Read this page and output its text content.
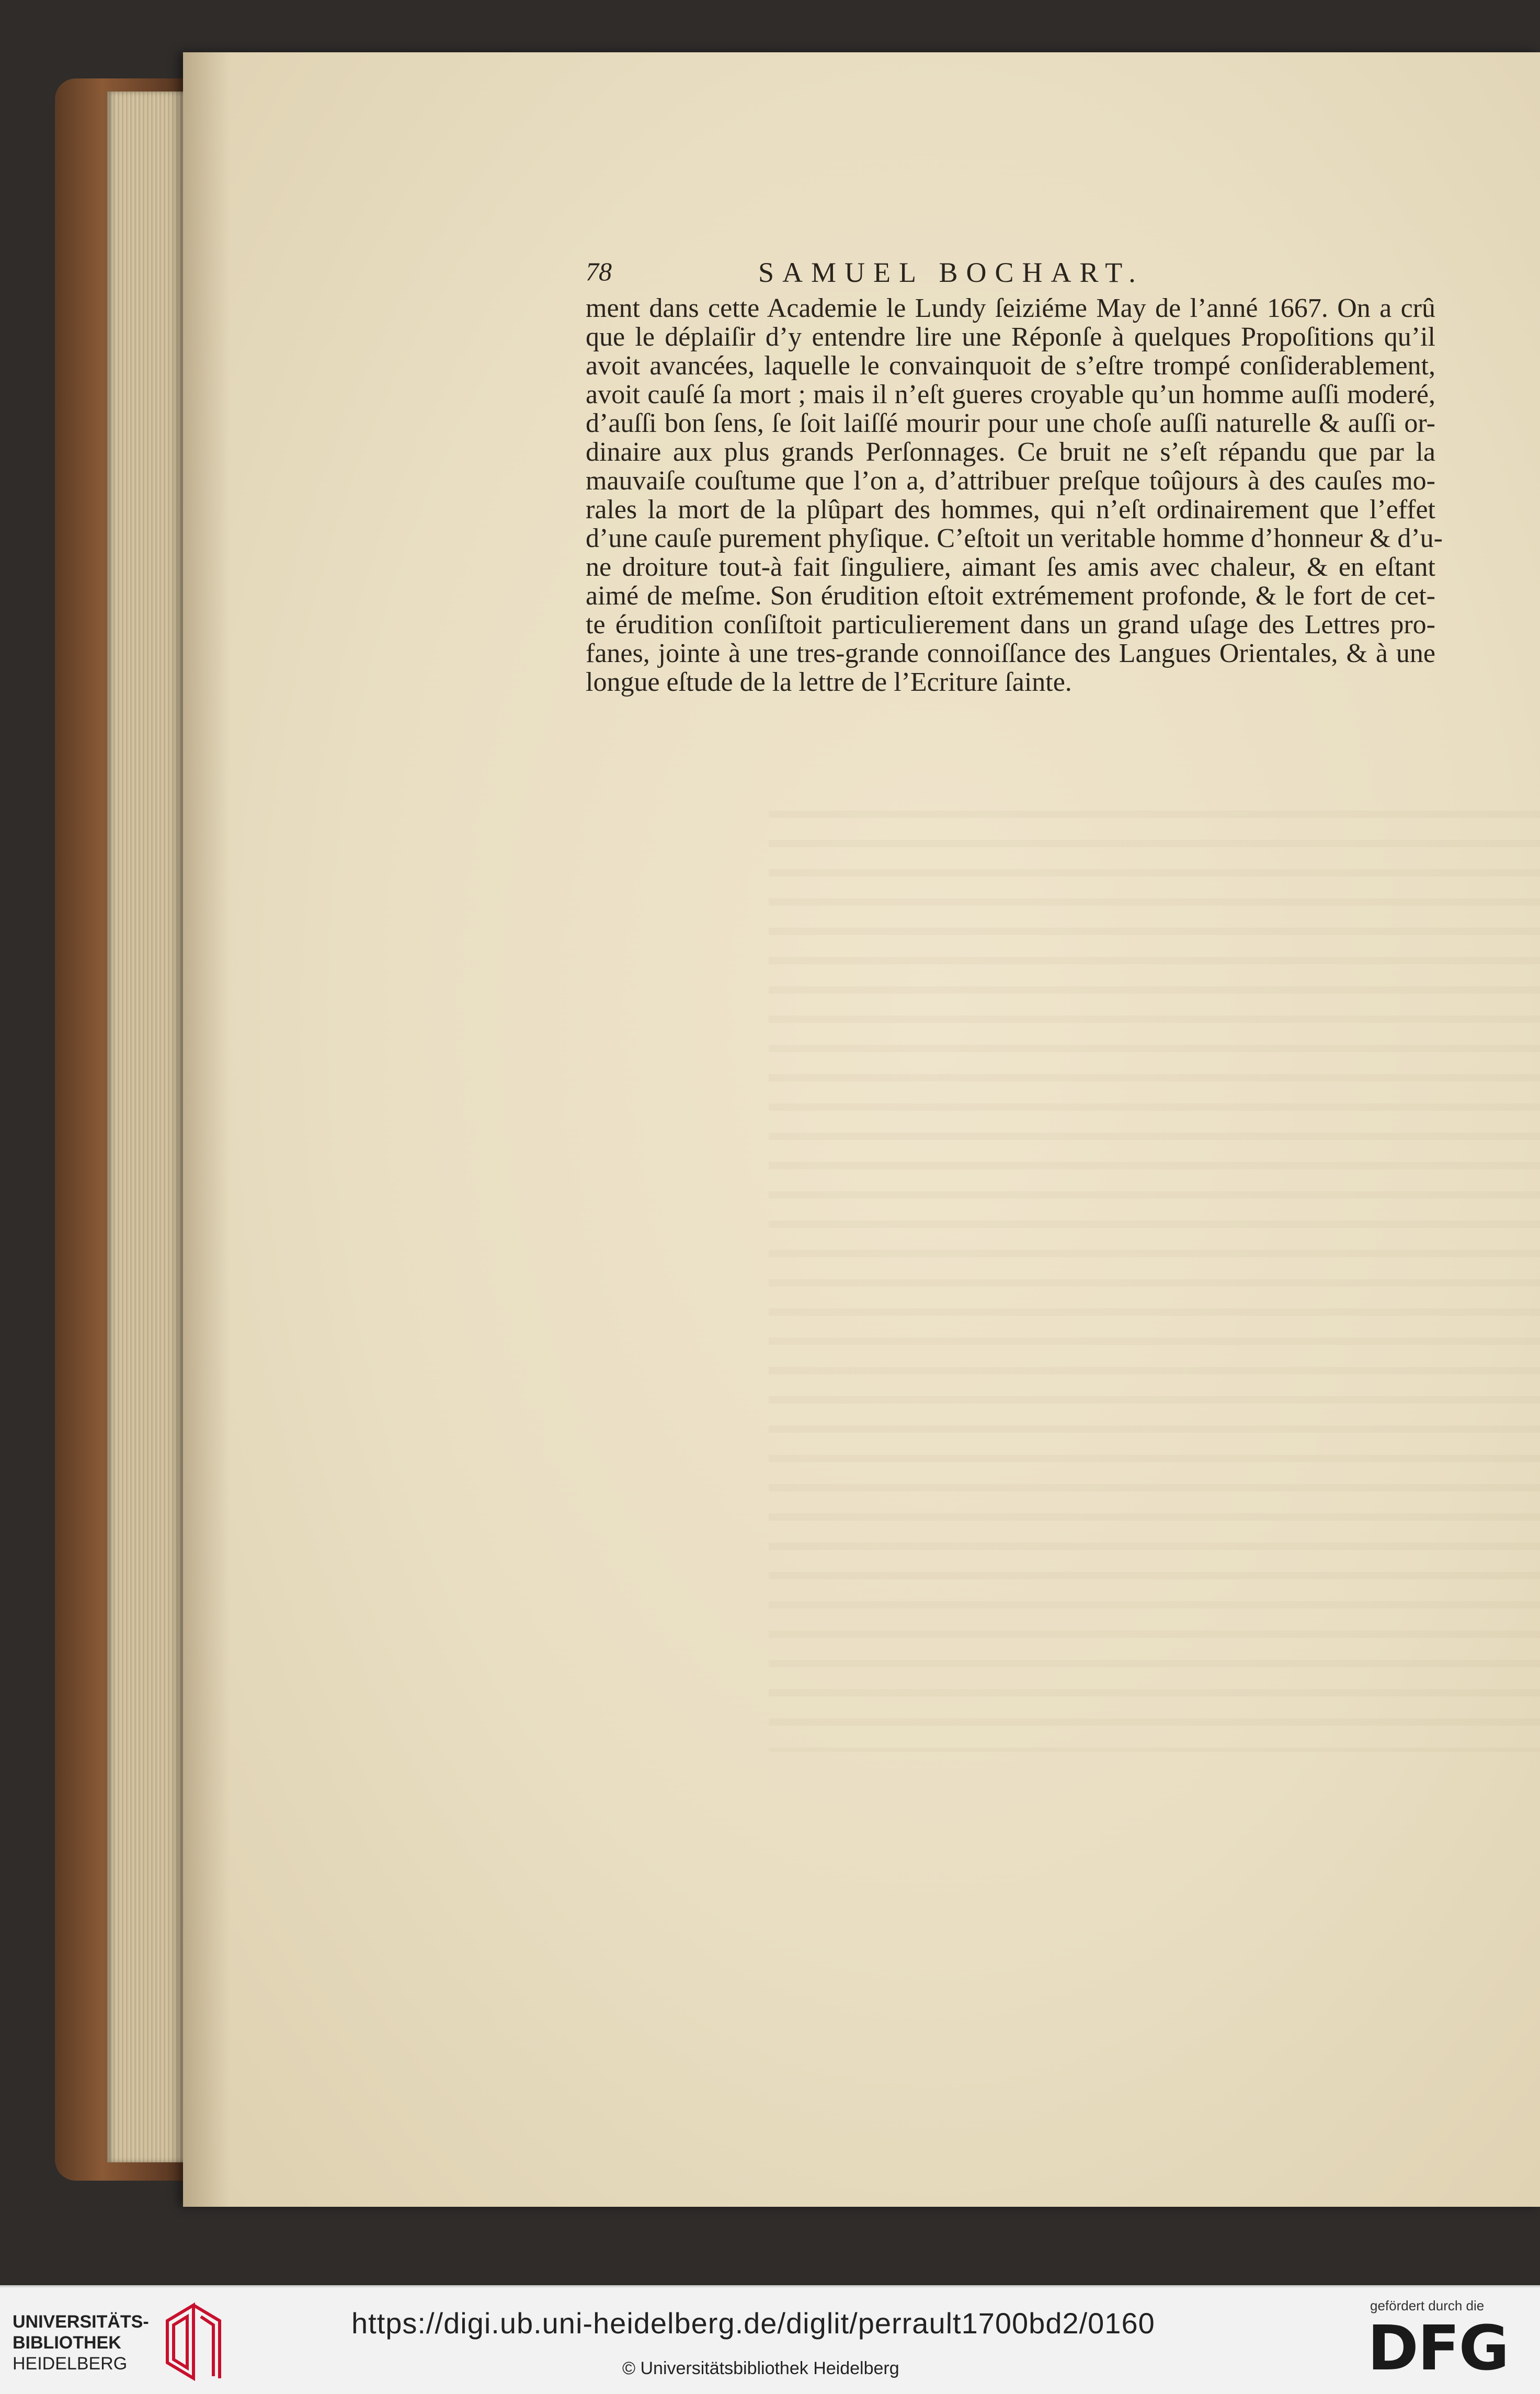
78	SAMUEL BOCHART.

ment dans cette Academie le Lundy ſeiziéme May de l’anné 1667. On a crû
que le déplaiſir d’y entendre lire une Réponſe à quelques Propoſitions qu’il
avoit avancées, laquelle le convainquoit de s’eſtre trompé conſiderablement,
avoit cauſé ſa mort ; mais il n’eſt gueres croyable qu’un homme auſſi moderé,
d’auſſi bon ſens, ſe ſoit laiſſé mourir pour une choſe auſſi naturelle & auſſi or-
dinaire aux plus grands Perſonnages. Ce bruit ne s’eſt répandu que par la
mauvaiſe couſtume que l’on a, d’attribuer preſque toûjours à des cauſes mo-
rales la mort de la plûpart des hommes, qui n’eſt ordinairement que l’effet
d’une cauſe purement phyſique. C’eſtoit un veritable homme d’honneur & d’u-
ne droiture tout-à fait ſinguliere, aimant ſes amis avec chaleur, & en eſtant
aimé de meſme. Son érudition eſtoit extrémement profonde, & le fort de cet-
te érudition conſiſtoit particulierement dans un grand uſage des Lettres pro-
fanes, jointe à une tres-grande connoiſſance des Langues Orientales, & à une
longue eſtude de la lettre de l’Ecriture ſainte.

UNIVERSITÄTS-
BIBLIOTHEK
HEIDELBERG
https://digi.ub.uni-heidelberg.de/diglit/perrault1700bd2/0160
© Universitätsbibliothek Heidelberg
gefördert durch die
DFG
